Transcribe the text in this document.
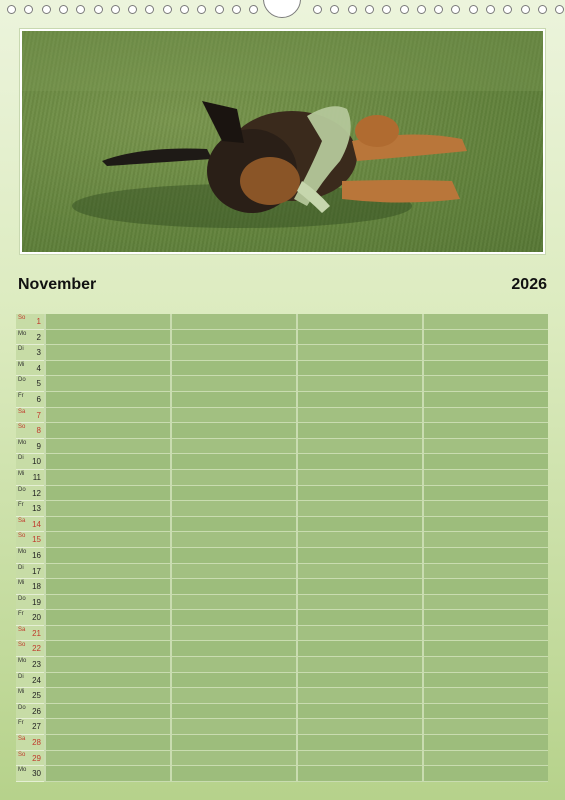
November	2026
So 1
Mo 2
Di 3
Mi 4
Do 5
Fr 6
Sa 7
So 8
Mo 9
Di 10
Mi 11
Do 12
Fr 13
Sa 14
So 15
Mo 16
Di 17
Mi 18
Do 19
Fr 20
Sa 21
So 22
Mo 23
Di 24
Mi 25
Do 26
Fr 27
Sa 28
So 29
Mo 30
